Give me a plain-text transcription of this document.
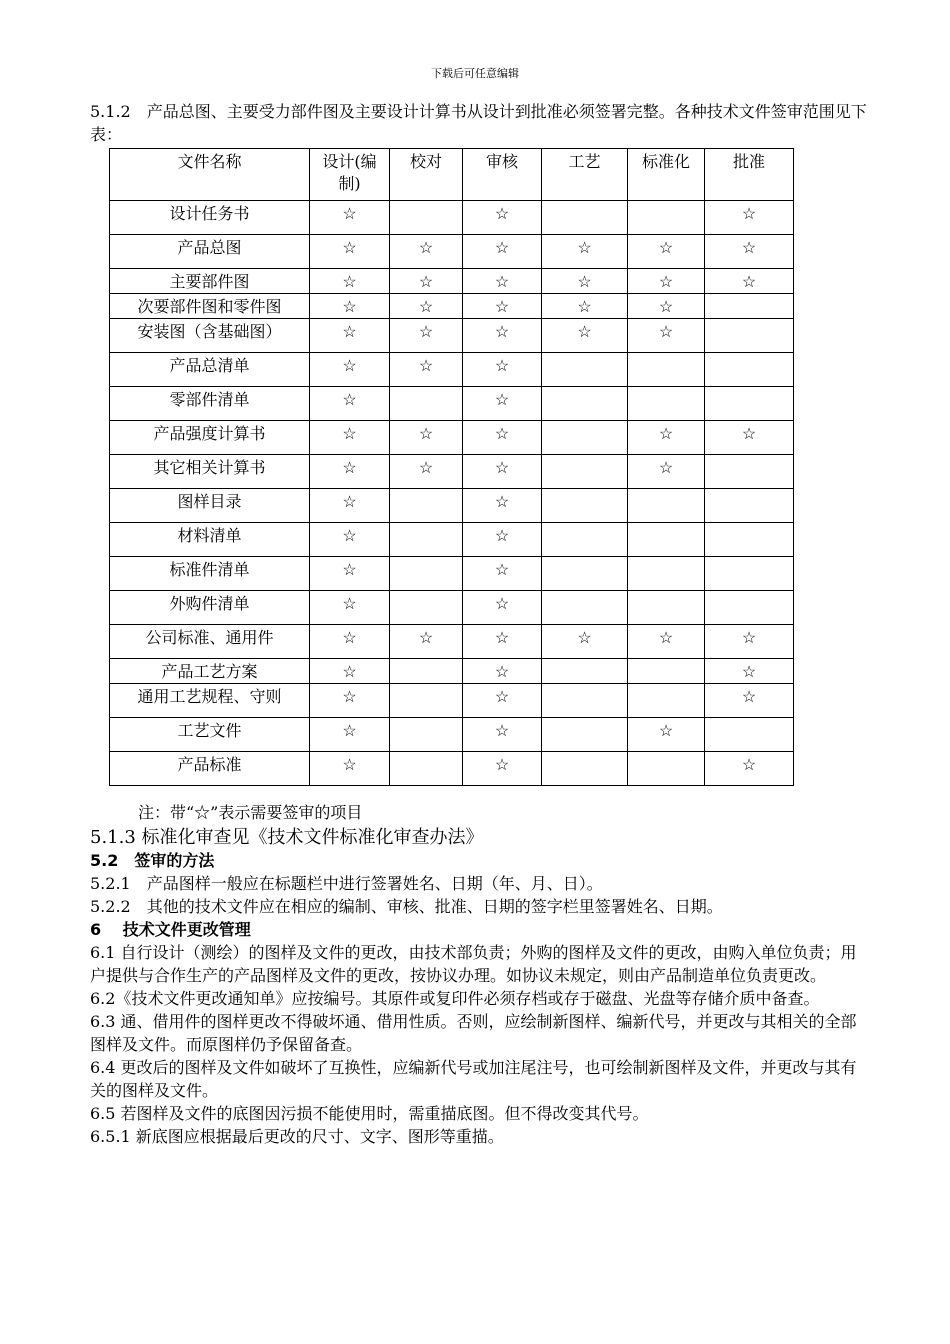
下载后可任意编辑
5.1.2　产品总图、主要受力部件图及主要设计计算书从设计到批准必须签署完整。各种技术文件签审范围见下表：
文件名称	设计(编制)	校对	审核	工艺	标准化	批准
设计任务书	☆		☆			☆
产品总图	☆	☆	☆	☆	☆	☆
主要部件图	☆	☆	☆	☆	☆	☆
次要部件图和零件图	☆	☆	☆	☆	☆	
安装图（含基础图）	☆	☆	☆	☆	☆	
产品总清单	☆	☆	☆			
零部件清单	☆		☆			
产品强度计算书	☆	☆	☆		☆	☆
其它相关计算书	☆	☆	☆		☆	
图样目录	☆		☆			
材料清单	☆		☆			
标准件清单	☆		☆			
外购件清单	☆		☆			
公司标准、通用件	☆	☆	☆	☆	☆	☆
产品工艺方案	☆		☆			☆
通用工艺规程、守则	☆		☆			☆
工艺文件	☆		☆		☆	
产品标准	☆		☆			☆
注：带“☆”表示需要签审的项目

5.1.3 标准化审查见《技术文件标准化审查办法》

5.2　签审的方法

5.2.1　产品图样一般应在标题栏中进行签署姓名、日期（年、月、日）。

5.2.2　其他的技术文件应在相应的编制、审核、批准、日期的签字栏里签署姓名、日期。

6　 技术文件更改管理

6.1 自行设计（测绘）的图样及文件的更改，由技术部负责；外购的图样及文件的更改，由购入单位负责；用户提供与合作生产的产品图样及文件的更改，按协议办理。如协议未规定，则由产品制造单位负责更改。

6.2《技术文件更改通知单》应按编号。其原件或复印件必须存档或存于磁盘、光盘等存储介质中备查。

6.3 通、借用件的图样更改不得破坏通、借用性质。否则，应绘制新图样、编新代号，并更改与其相关的全部图样及文件。而原图样仍予保留备查。

6.4 更改后的图样及文件如破坏了互换性，应编新代号或加注尾注号，也可绘制新图样及文件，并更改与其有关的图样及文件。

6.5 若图样及文件的底图因污损不能使用时，需重描底图。但不得改变其代号。

6.5.1 新底图应根据最后更改的尺寸、文字、图形等重描。
